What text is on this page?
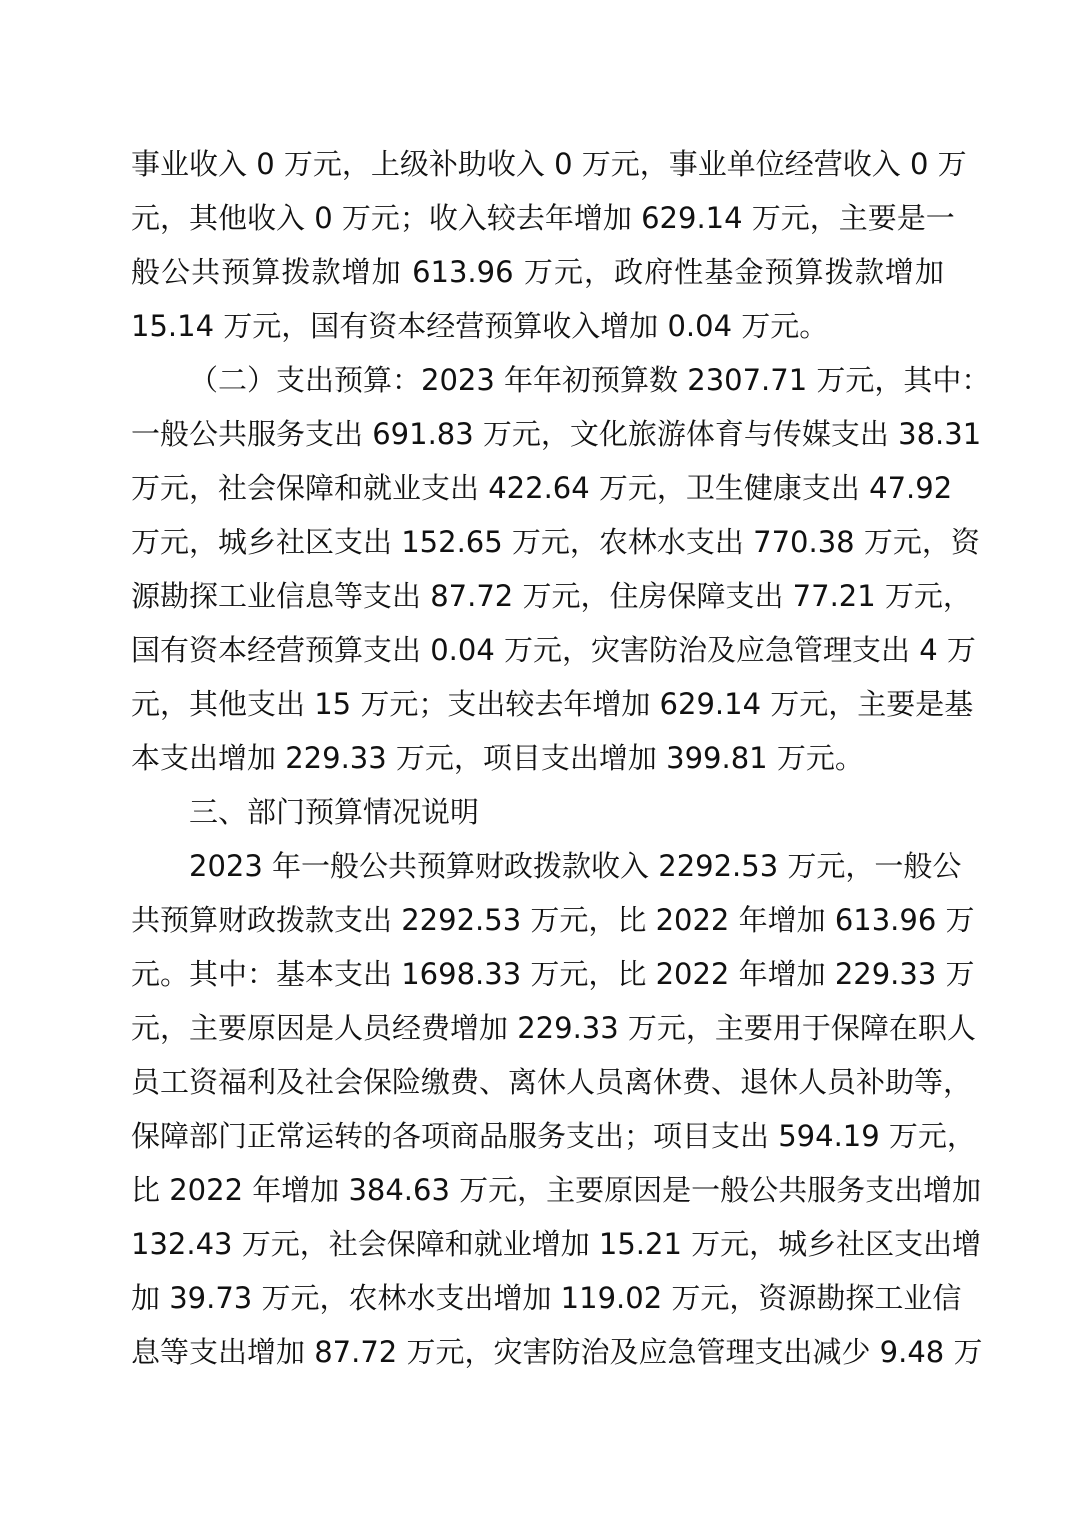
事业收入 0 万元，上级补助收入 0 万元，事业单位经营收入 0 万
元，其他收入 0 万元；收入较去年增加 629.14 万元，主要是一
般公共预算拨款增加 613.96 万元，政府性基金预算拨款增加
15.14 万元，国有资本经营预算收入增加 0.04 万元。
（二）支出预算：2023 年年初预算数 2307.71 万元，其中：
一般公共服务支出 691.83 万元，文化旅游体育与传媒支出 38.31
万元，社会保障和就业支出 422.64 万元，卫生健康支出 47.92
万元，城乡社区支出 152.65 万元，农林水支出 770.38 万元，资
源勘探工业信息等支出 87.72 万元，住房保障支出 77.21 万元，
国有资本经营预算支出 0.04 万元，灾害防治及应急管理支出 4 万
元，其他支出 15 万元；支出较去年增加 629.14 万元，主要是基
本支出增加 229.33 万元，项目支出增加 399.81 万元。
三、部门预算情况说明
2023 年一般公共预算财政拨款收入 2292.53 万元，一般公
共预算财政拨款支出 2292.53 万元，比 2022 年增加 613.96 万
元。其中：基本支出 1698.33 万元，比 2022 年增加 229.33 万
元，主要原因是人员经费增加 229.33 万元，主要用于保障在职人
员工资福利及社会保险缴费、离休人员离休费、退休人员补助等，
保障部门正常运转的各项商品服务支出；项目支出 594.19 万元，
比 2022 年增加 384.63 万元，主要原因是一般公共服务支出增加
132.43 万元，社会保障和就业增加 15.21 万元，城乡社区支出增
加 39.73 万元，农林水支出增加 119.02 万元，资源勘探工业信
息等支出增加 87.72 万元，灾害防治及应急管理支出减少 9.48 万
